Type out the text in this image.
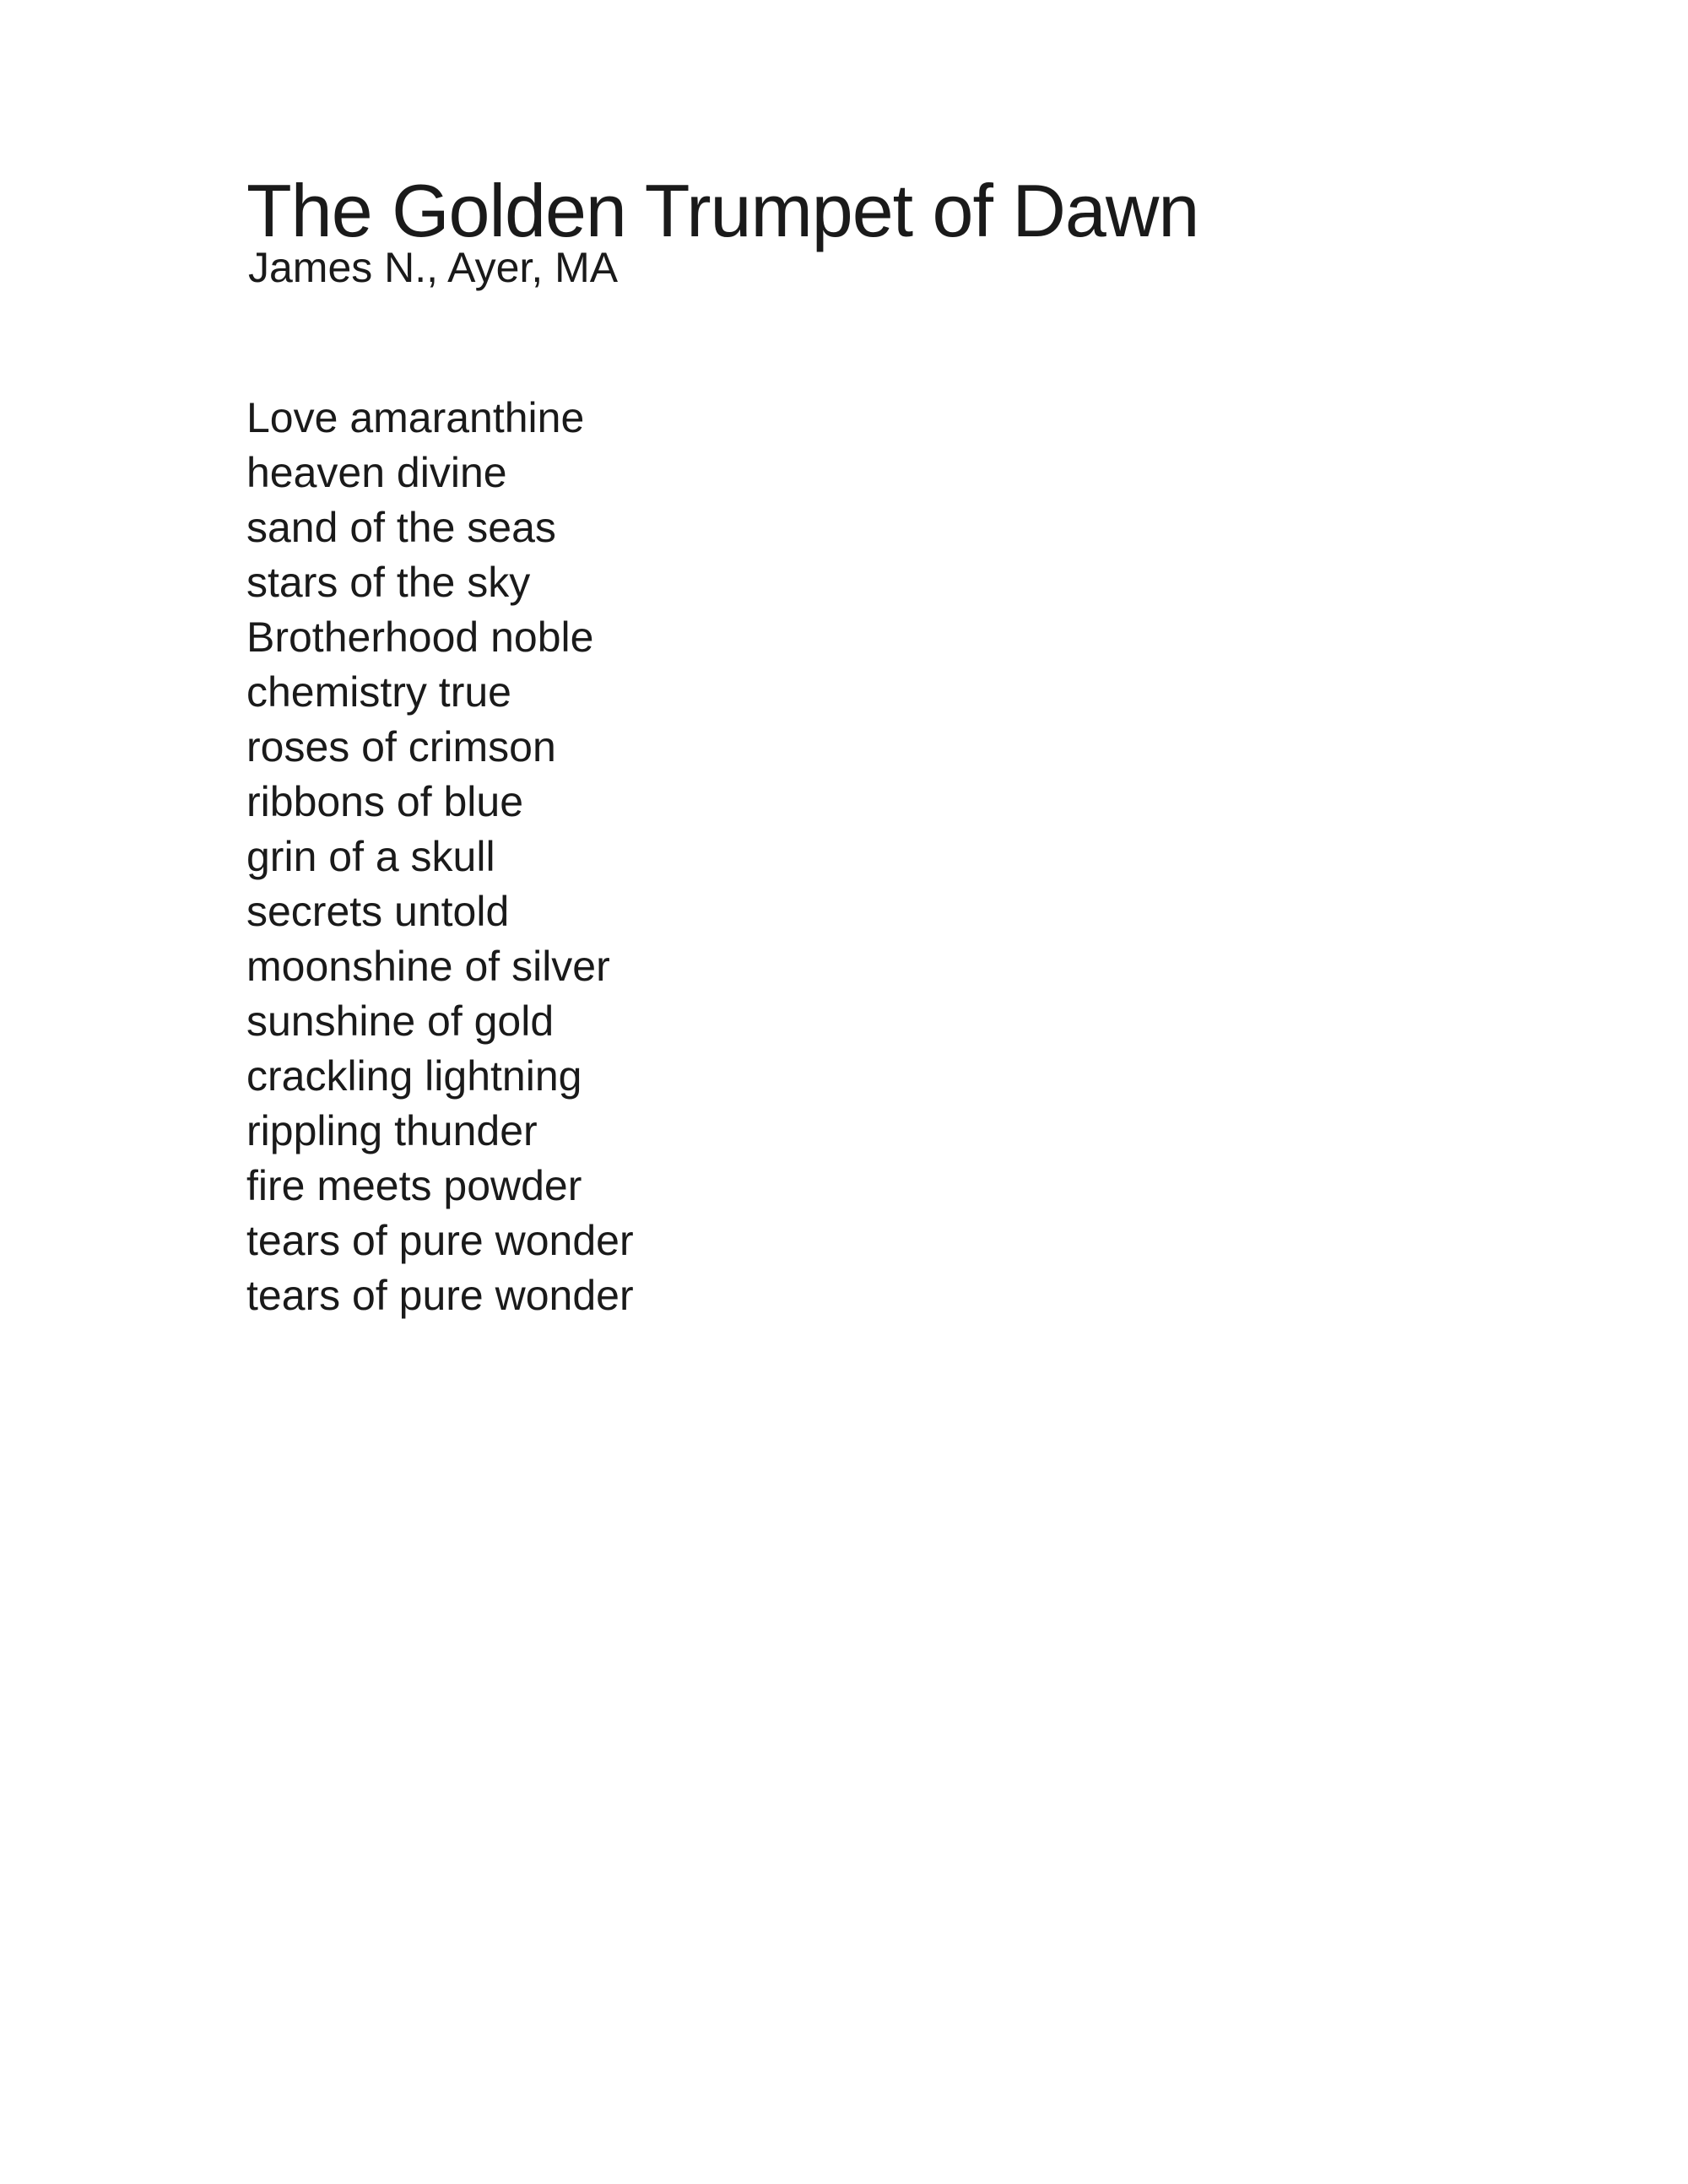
The Golden Trumpet of Dawn
James N., Ayer, MA
Love amaranthine
heaven divine
sand of the seas
stars of the sky
Brotherhood noble
chemistry true
roses of crimson
ribbons of blue
grin of a skull
secrets untold
moonshine of silver
sunshine of gold
crackling lightning
rippling thunder
fire meets powder
tears of pure wonder
tears of pure wonder
